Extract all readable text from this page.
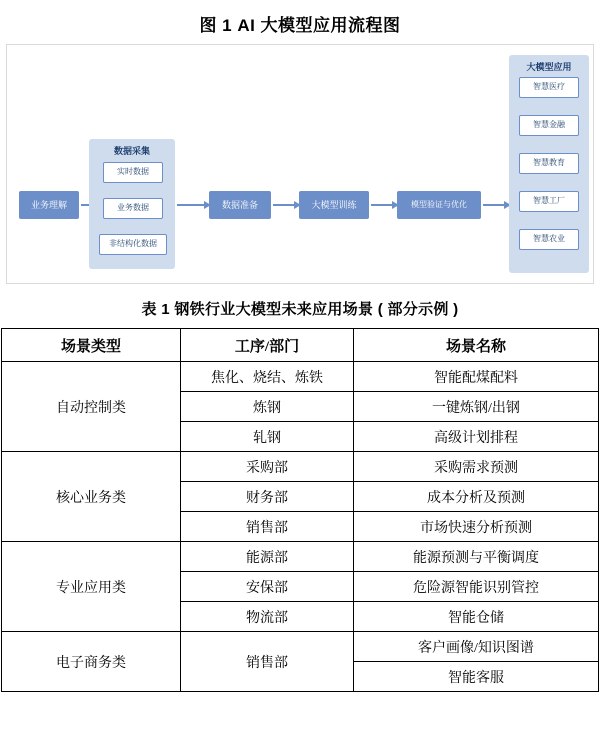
图 1 AI 大模型应用流程图
业务理解
数据采集
实时数据
业务数据
非结构化数据
数据准备	大模型训练	模型验证与优化
大模型应用
智慧医疗
智慧金融
智慧教育
智慧工厂
智慧农业
表 1 钢铁行业大模型未来应用场景 ( 部分示例 )
场景类型	工序/部门	场景名称
自动控制类	焦化、烧结、炼铁	智能配煤配料
	炼钢	一键炼钢/出钢
	轧钢	高级计划排程
核心业务类	采购部	采购需求预测
	财务部	成本分析及预测
	销售部	市场快速分析预测
专业应用类	能源部	能源预测与平衡调度
	安保部	危险源智能识别管控
	物流部	智能仓储
电子商务类	销售部	客户画像/知识图谱
		智能客服
